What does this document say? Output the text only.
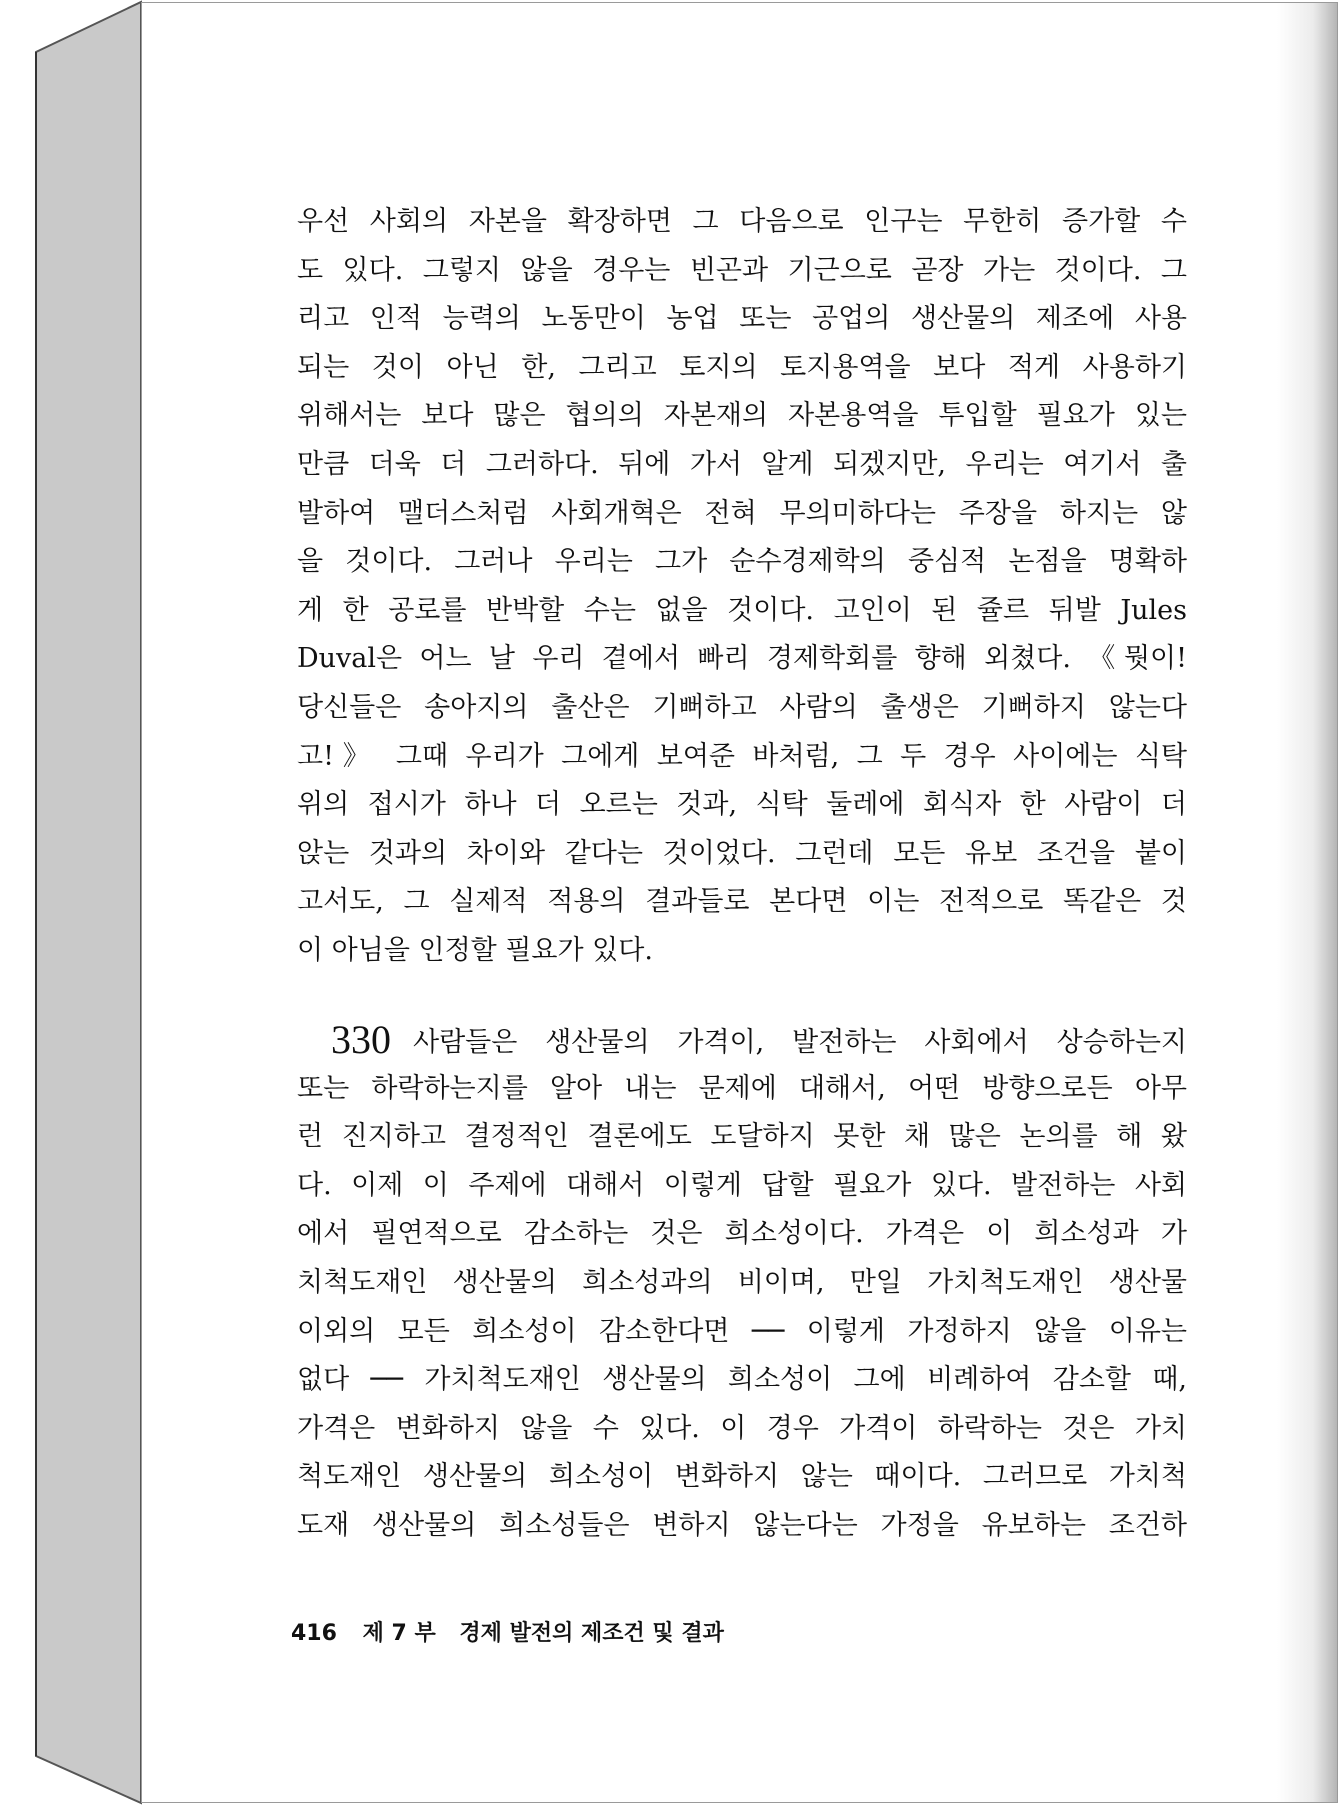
우선 사회의 자본을 확장하면 그 다음으로 인구는 무한히 증가할 수
도 있다. 그렇지 않을 경우는 빈곤과 기근으로 곧장 가는 것이다. 그
리고 인적 능력의 노동만이 농업 또는 공업의 생산물의 제조에 사용
되는 것이 아닌 한, 그리고 토지의 토지용역을 보다 적게 사용하기
위해서는 보다 많은 협의의 자본재의 자본용역을 투입할 필요가 있는
만큼 더욱 더 그러하다. 뒤에 가서 알게 되겠지만, 우리는 여기서 출
발하여 맬더스처럼 사회개혁은 전혀 무의미하다는 주장을 하지는 않
을 것이다. 그러나 우리는 그가 순수경제학의 중심적 논점을 명확하
게 한 공로를 반박할 수는 없을 것이다. 고인이 된 쥴르 뒤발 Jules
Duval은 어느 날 우리 곁에서 빠리 경제학회를 향해 외쳤다. 《뭣이!
당신들은 송아지의 출산은 기뻐하고 사람의 출생은 기뻐하지 않는다
고!》 그때 우리가 그에게 보여준 바처럼, 그 두 경우 사이에는 식탁
위의 접시가 하나 더 오르는 것과, 식탁 둘레에 회식자 한 사람이 더
앉는 것과의 차이와 같다는 것이었다. 그런데 모든 유보 조건을 붙이
고서도, 그 실제적 적용의 결과들로 본다면 이는 전적으로 똑같은 것
이 아님을 인정할 필요가 있다.
330 사람들은 생산물의 가격이, 발전하는 사회에서 상승하는지
또는 하락하는지를 알아 내는 문제에 대해서, 어떤 방향으로든 아무
런 진지하고 결정적인 결론에도 도달하지 못한 채 많은 논의를 해 왔
다. 이제 이 주제에 대해서 이렇게 답할 필요가 있다. 발전하는 사회
에서 필연적으로 감소하는 것은 희소성이다. 가격은 이 희소성과 가
치척도재인 생산물의 희소성과의 비이며, 만일 가치척도재인 생산물
이외의 모든 희소성이 감소한다면 ── 이렇게 가정하지 않을 이유는
없다 ── 가치척도재인 생산물의 희소성이 그에 비례하여 감소할 때,
가격은 변화하지 않을 수 있다. 이 경우 가격이 하락하는 것은 가치
척도재인 생산물의 희소성이 변화하지 않는 때이다. 그러므로 가치척
도재 생산물의 희소성들은 변하지 않는다는 가정을 유보하는 조건하
416 제 7 부 경제 발전의 제조건 및 결과
